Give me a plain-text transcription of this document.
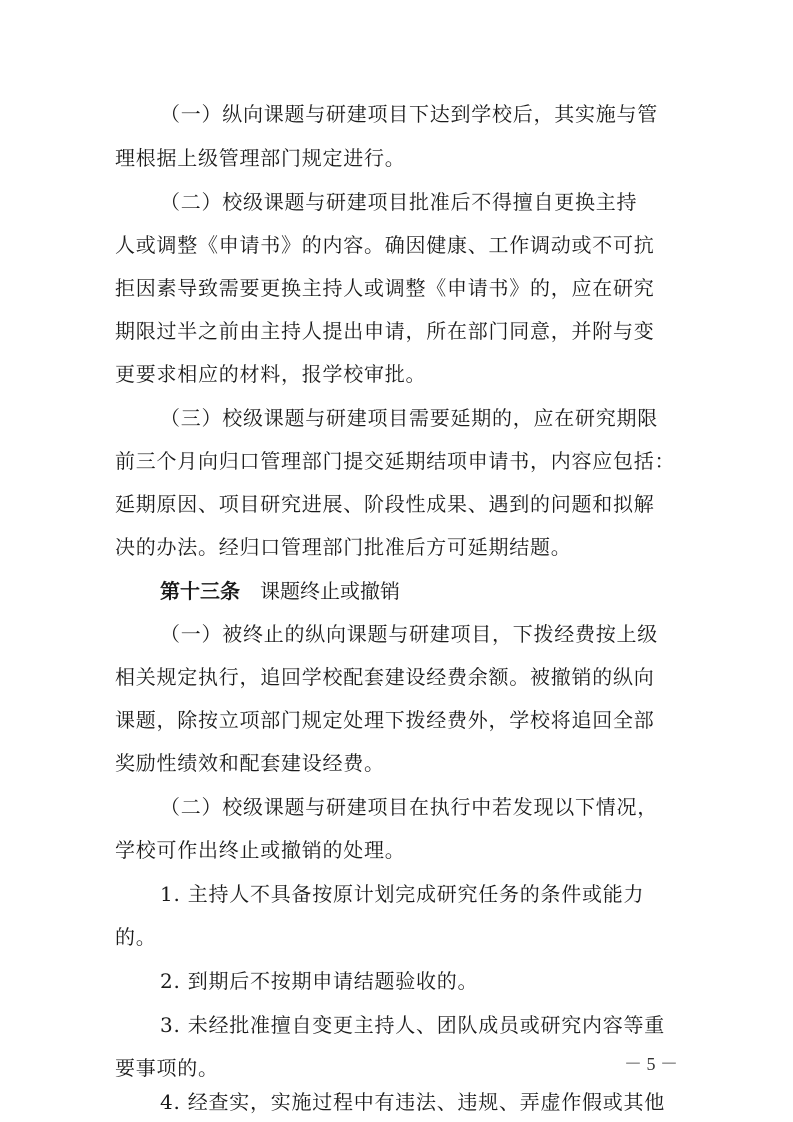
（一）纵向课题与研建项目下达到学校后，其实施与管

理根据上级管理部门规定进行。

（二）校级课题与研建项目批准后不得擅自更换主持

人或调整《申请书》的内容。确因健康、工作调动或不可抗

拒因素导致需要更换主持人或调整《申请书》的，应在研究

期限过半之前由主持人提出申请，所在部门同意，并附与变

更要求相应的材料，报学校审批。

（三）校级课题与研建项目需要延期的，应在研究期限

前三个月向归口管理部门提交延期结项申请书，内容应包括：

延期原因、项目研究进展、阶段性成果、遇到的问题和拟解

决的办法。经归口管理部门批准后方可延期结题。

第十三条 课题终止或撤销

（一）被终止的纵向课题与研建项目，下拨经费按上级

相关规定执行，追回学校配套建设经费余额。被撤销的纵向

课题，除按立项部门规定处理下拨经费外，学校将追回全部

奖励性绩效和配套建设经费。

（二）校级课题与研建项目在执行中若发现以下情况，

学校可作出终止或撤销的处理。

1. 主持人不具备按原计划完成研究任务的条件或能力

的。

2. 到期后不按期申请结题验收的。

3. 未经批准擅自变更主持人、团队成员或研究内容等重

要事项的。

4. 经查实，实施过程中有违法、违规、弄虚作假或其他

－ 5 －
